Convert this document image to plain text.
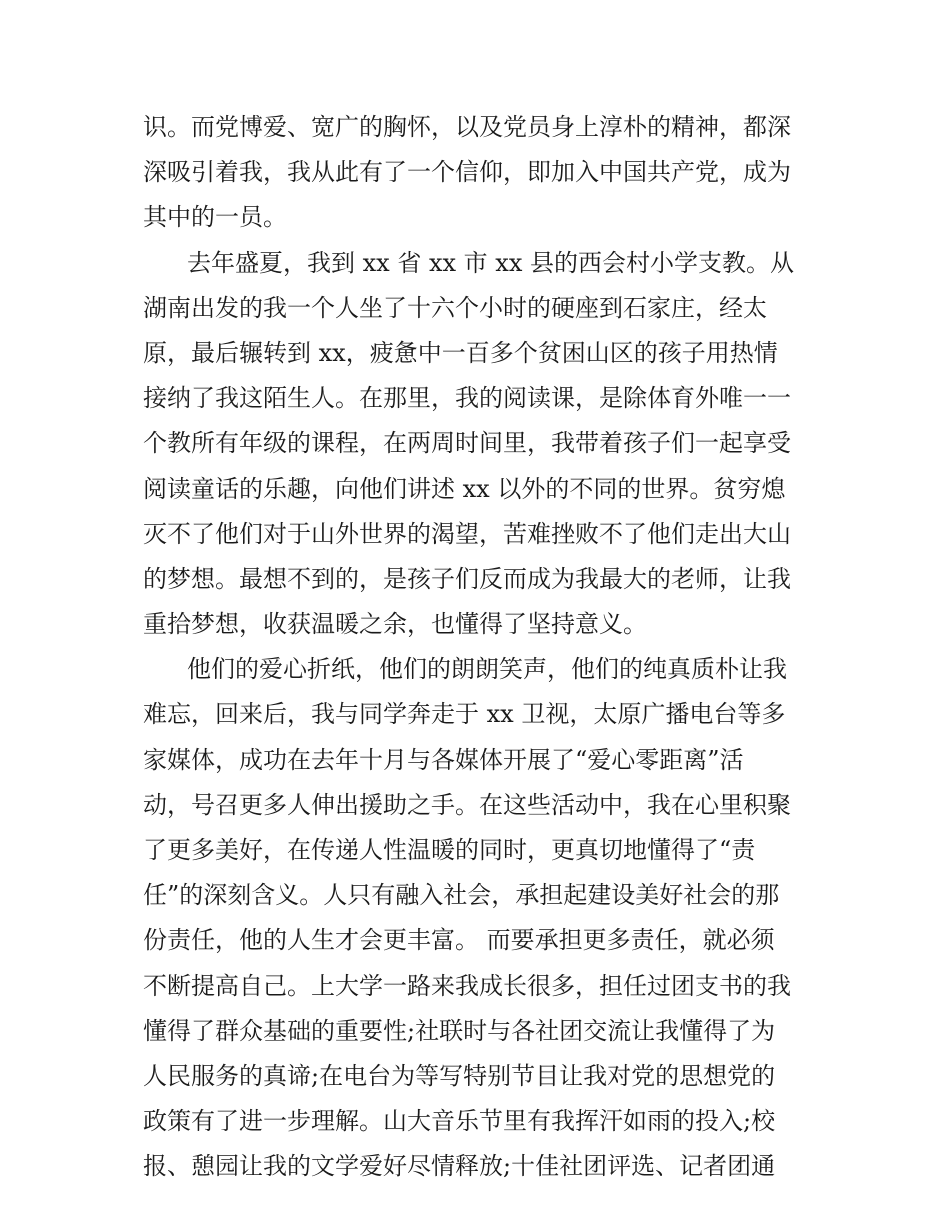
识。而党博爱、宽广的胸怀，以及党员身上淳朴的精神，都深
深吸引着我，我从此有了一个信仰，即加入中国共产党，成为
其中的一员。
去年盛夏，我到 xx 省 xx 市 xx 县的西会村小学支教。从
湖南出发的我一个人坐了十六个小时的硬座到石家庄，经太
原，最后辗转到 xx，疲惫中一百多个贫困山区的孩子用热情
接纳了我这陌生人。在那里，我的阅读课，是除体育外唯一一
个教所有年级的课程，在两周时间里，我带着孩子们一起享受
阅读童话的乐趣，向他们讲述 xx 以外的不同的世界。贫穷熄
灭不了他们对于山外世界的渴望，苦难挫败不了他们走出大山
的梦想。最想不到的，是孩子们反而成为我最大的老师，让我
重拾梦想，收获温暖之余，也懂得了坚持意义。
他们的爱心折纸，他们的朗朗笑声，他们的纯真质朴让我
难忘，回来后，我与同学奔走于 xx 卫视，太原广播电台等多
家媒体，成功在去年十月与各媒体开展了“爱心零距离”活
动，号召更多人伸出援助之手。在这些活动中，我在心里积聚
了更多美好，在传递人性温暖的同时，更真切地懂得了“责
任”的深刻含义。人只有融入社会，承担起建设美好社会的那
份责任，他的人生才会更丰富。 而要承担更多责任，就必须
不断提高自己。上大学一路来我成长很多，担任过团支书的我
懂得了群众基础的重要性;社联时与各社团交流让我懂得了为
人民服务的真谛;在电台为等写特别节目让我对党的思想党的
政策有了进一步理解。山大音乐节里有我挥汗如雨的投入;校
报、憩园让我的文学爱好尽情释放;十佳社团评选、记者团通
